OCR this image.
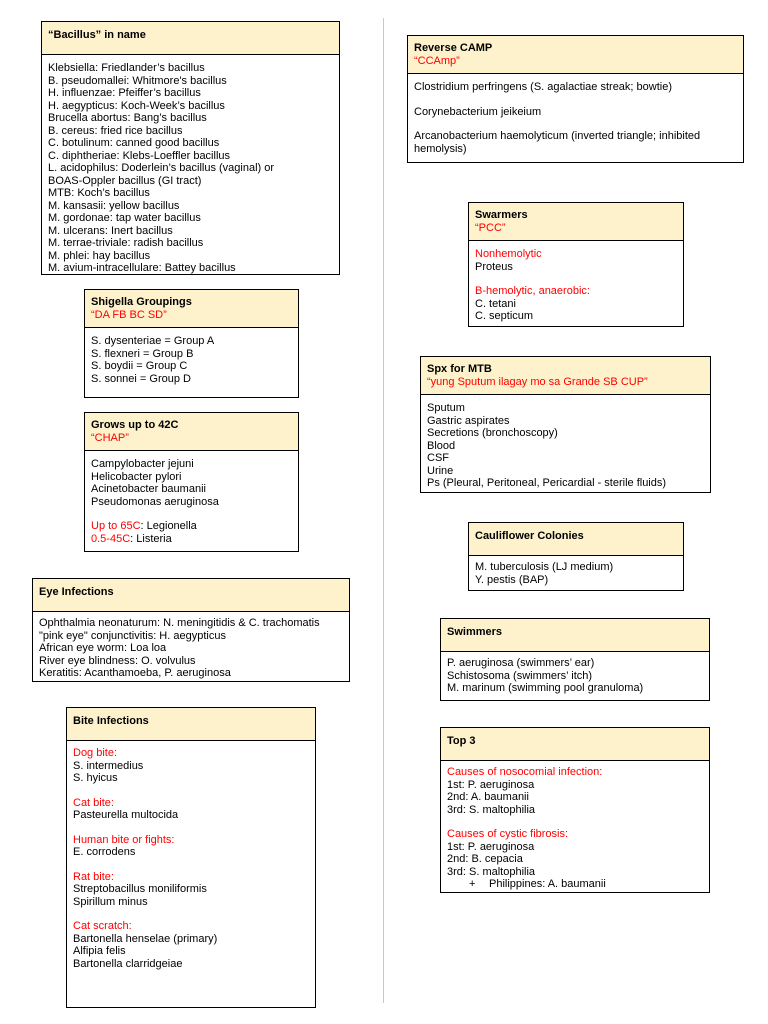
“Bacillus” in name
Klebsiella: Friedlander’s bacillus
B. pseudomallei: Whitmore's bacillus
H. influenzae: Pfeiffer’s bacillus
H. aegypticus: Koch-Week’s bacillus
Brucella abortus: Bang’s bacillus
B. cereus: fried rice bacillus
C. botulinum: canned good bacillus
C. diphtheriae: Klebs-Loeffler bacillus
L. acidophilus: Doderlein’s bacillus (vaginal) or
BOAS-Oppler bacillus (GI tract)
MTB: Koch’s bacillus
M. kansasii: yellow bacillus
M. gordonae: tap water bacillus
M. ulcerans: Inert bacillus
M. terrae-triviale: radish bacillus
M. phlei: hay bacillus
M. avium-intracellulare: Battey bacillus
Shigella Groupings
“DA FB BC SD”
S. dysenteriae = Group A
S. flexneri = Group B
S. boydii = Group C
S. sonnei = Group D
Grows up to 42C
“CHAP”
Campylobacter jejuni
Helicobacter pylori
Acinetobacter baumanii
Pseudomonas aeruginosa
Up to 65C: Legionella
0.5-45C: Listeria
Eye Infections
Ophthalmia neonaturum: N. meningitidis & C. trachomatis
"pink eye" conjunctivitis: H. aegypticus
African eye worm: Loa loa
River eye blindness: O. volvulus
Keratitis: Acanthamoeba, P. aeruginosa
Bite Infections
Dog bite:
S. intermedius
S. hyicus
Cat bite:
Pasteurella multocida
Human bite or fights:
E. corrodens
Rat bite:
Streptobacillus moniliformis
Spirillum minus
Cat scratch:
Bartonella henselae (primary)
Alfipia felis
Bartonella clarridgeiae
Reverse CAMP
“CCAmp”
Clostridium perfringens (S. agalactiae streak; bowtie)
Corynebacterium jeikeium
Arcanobacterium haemolyticum (inverted triangle; inhibited hemolysis)
Swarmers
“PCC”
Nonhemolytic
Proteus
B-hemolytic, anaerobic:
C. tetani
C. septicum
Spx for MTB
“yung Sputum ilagay mo sa Grande SB CUP”
Sputum
Gastric aspirates
Secretions (bronchoscopy)
Blood
CSF
Urine
Ps (Pleural, Peritoneal, Pericardial - sterile fluids)
Cauliflower Colonies
M. tuberculosis (LJ medium)
Y. pestis (BAP)
Swimmers
P. aeruginosa (swimmers’ ear)
Schistosoma (swimmers’ itch)
M. marinum (swimming pool granuloma)
Top 3
Causes of nosocomial infection:
1st: P. aeruginosa
2nd: A. baumanii
3rd: S. maltophilia
Causes of cystic fibrosis:
1st: P. aeruginosa
2nd: B. cepacia
3rd: S. maltophilia
+ Philippines: A. baumanii
